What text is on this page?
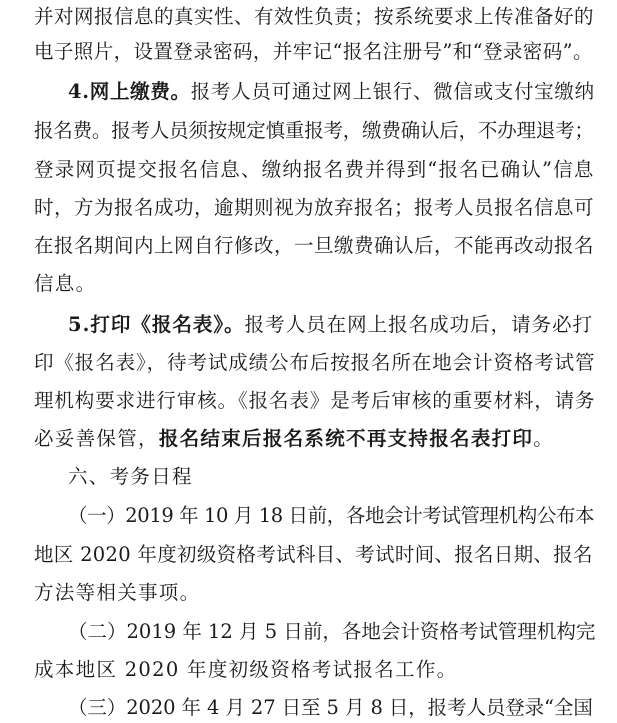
并对网报信息的真实性、有效性负责；按系统要求上传准备好的
电子照片，设置登录密码，并牢记“报名注册号”和“登录密码”。
4.网上缴费。报考人员可通过网上银行、微信或支付宝缴纳
报名费。报考人员须按规定慎重报考，缴费确认后，不办理退考；
登录网页提交报名信息、缴纳报名费并得到“报名已确认”信息
时，方为报名成功，逾期则视为放弃报名；报考人员报名信息可
在报名期间内上网自行修改，一旦缴费确认后，不能再改动报名
信息。
5.打印《报名表》。报考人员在网上报名成功后，请务必打
印《报名表》，待考试成绩公布后按报名所在地会计资格考试管
理机构要求进行审核。《报名表》是考后审核的重要材料，请务
必妥善保管，报名结束后报名系统不再支持报名表打印。
六、考务日程
（一）2019 年 10 月 18 日前，各地会计考试管理机构公布本
地区 2020 年度初级资格考试科目、考试时间、报名日期、报名
方法等相关事项。
（二）2019 年 12 月 5 日前，各地会计资格考试管理机构完
成本地区 2020 年度初级资格考试报名工作。
（三）2020 年 4 月 27 日至 5 月 8 日，报考人员登录“全国
